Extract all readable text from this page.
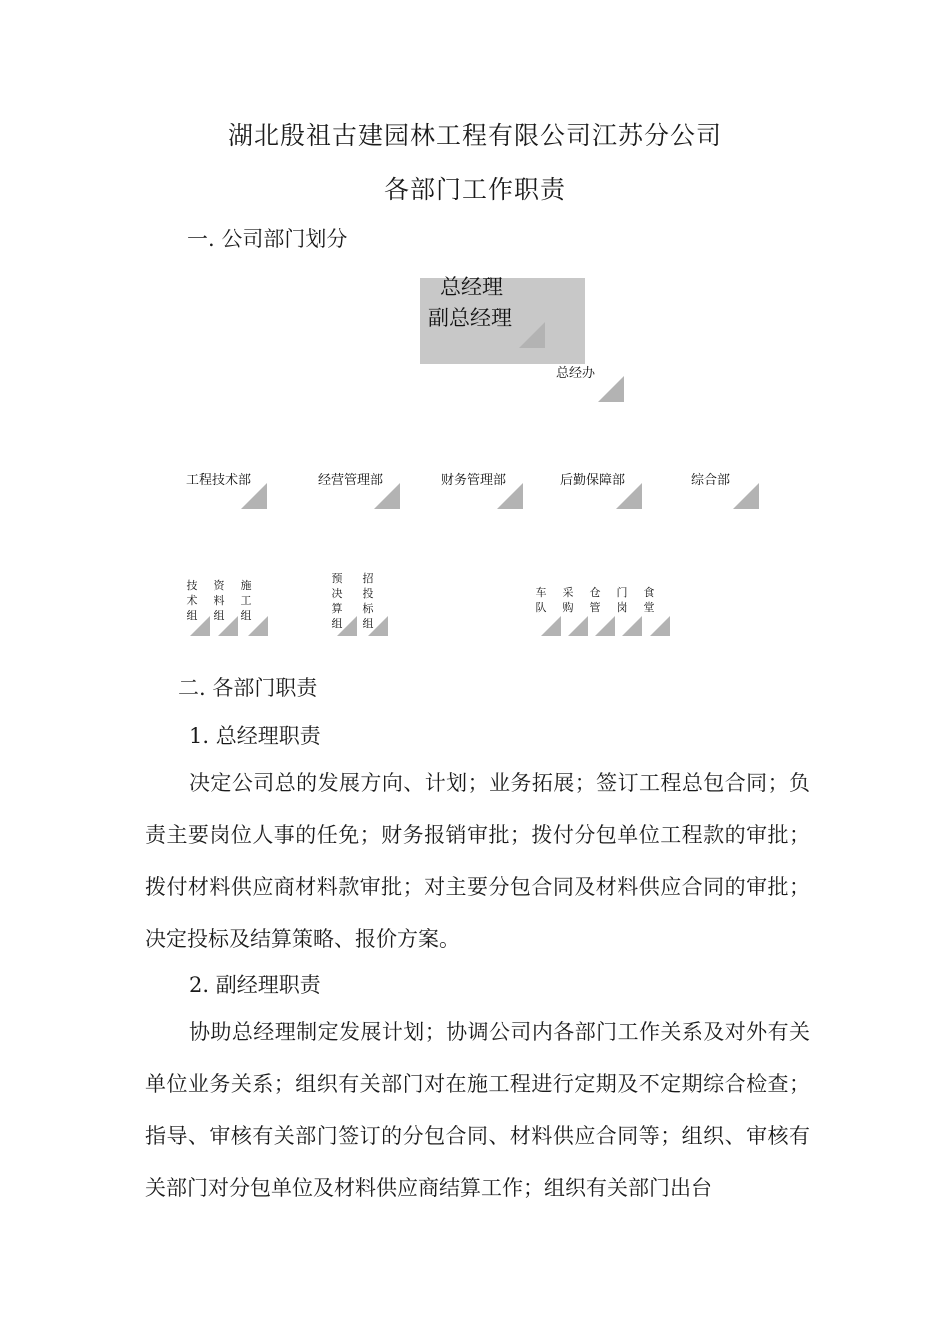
湖北殷祖古建园林工程有限公司江苏分公司
各部门工作职责
一. 公司部门划分
总经理
副总经理
总经办
工程技术部	经营管理部	财务管理部	后勤保障部	综合部
技术组
资料组
施工组
预决算组
招投标组
车队
采购
仓管
门岗
食堂
二. 各部门职责
1. 总经理职责
决定公司总的发展方向、计划；业务拓展；签订工程总包合同；负责主要岗位人事的任免；财务报销审批；拨付分包单位工程款的审批；拨付材料供应商材料款审批；对主要分包合同及材料供应合同的审批；决定投标及结算策略、报价方案。
2. 副经理职责
协助总经理制定发展计划；协调公司内各部门工作关系及对外有关单位业务关系；组织有关部门对在施工程进行定期及不定期综合检查；指导、审核有关部门签订的分包合同、材料供应合同等；组织、审核有关部门对分包单位及材料供应商结算工作；组织有关部门出台
